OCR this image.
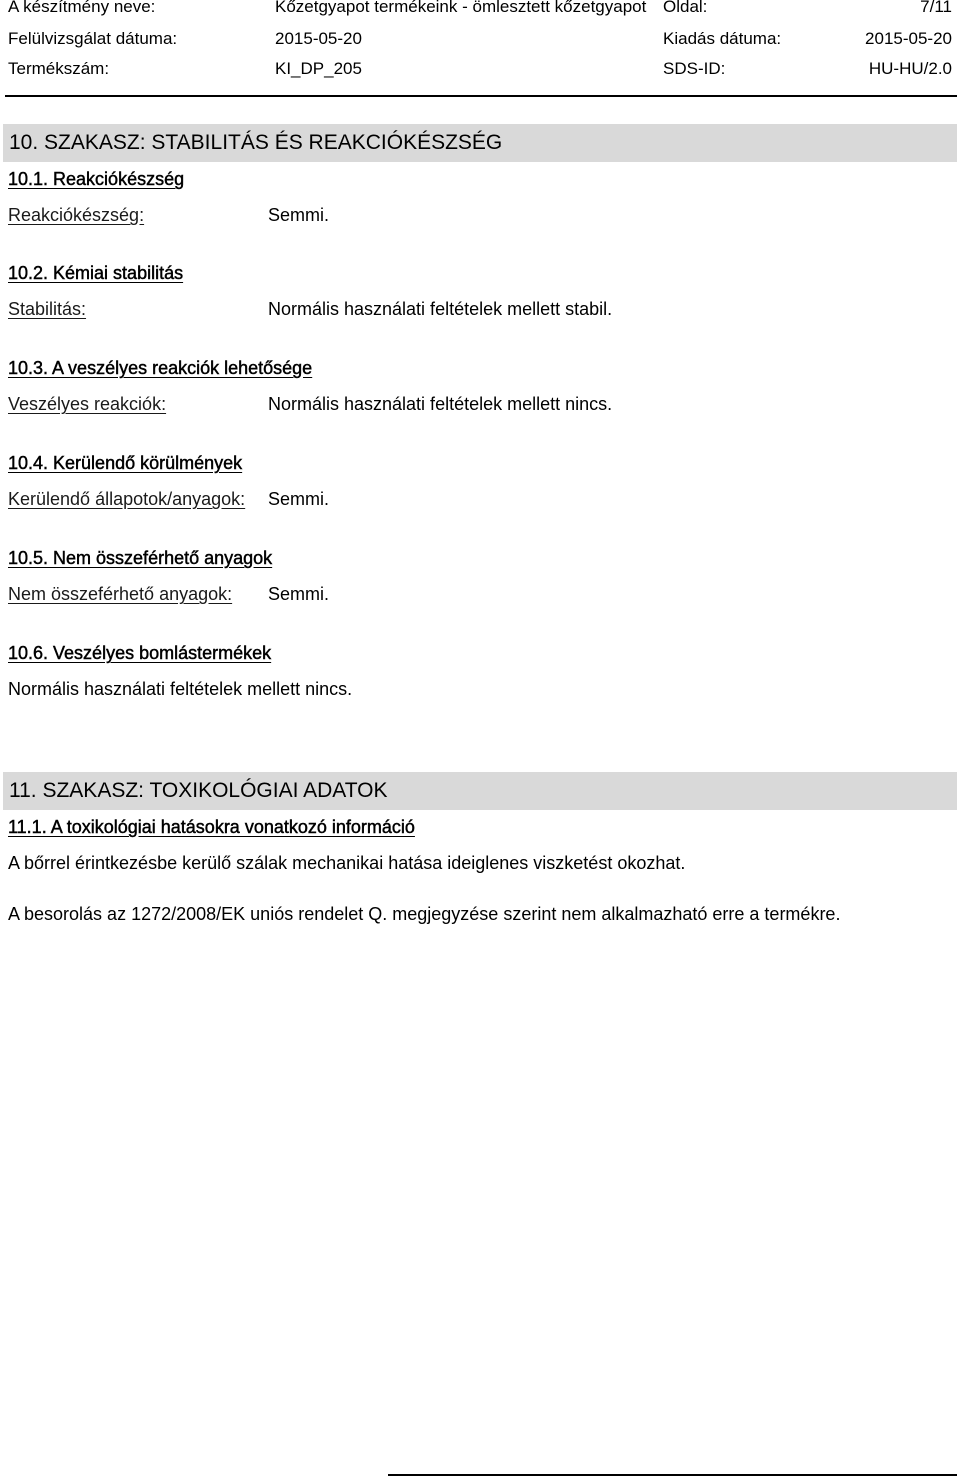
A készítmény neve:	Kőzetgyapot termékeink - ömlesztett kőzetgyapot Oldal:	7/11
Felülvizsgálat dátuma:	2015-05-20	Kiadás dátuma:	2015-05-20
Termékszám:	KI_DP_205	SDS-ID:	HU-HU/2.0
10. SZAKASZ: STABILITÁS ÉS REAKCIÓKÉSZSÉG
10.1. Reakciókészség
Reakciókészség:	Semmi.
10.2. Kémiai stabilitás
Stabilitás:	Normális használati feltételek mellett stabil.
10.3. A veszélyes reakciók lehetősége
Veszélyes reakciók:	Normális használati feltételek mellett nincs.
10.4. Kerülendő körülmények
Kerülendő állapotok/anyagok: Semmi.
10.5. Nem összeférhető anyagok
Nem összeférhető anyagok: Semmi.
10.6. Veszélyes bomlástermékek
Normális használati feltételek mellett nincs.
11. SZAKASZ: TOXIKOLÓGIAI ADATOK
11.1. A toxikológiai hatásokra vonatkozó információ
A bőrrel érintkezésbe kerülő szálak mechanikai hatása ideiglenes viszketést okozhat.
A besorolás az 1272/2008/EK uniós rendelet Q. megjegyzése szerint nem alkalmazható erre a termékre.
